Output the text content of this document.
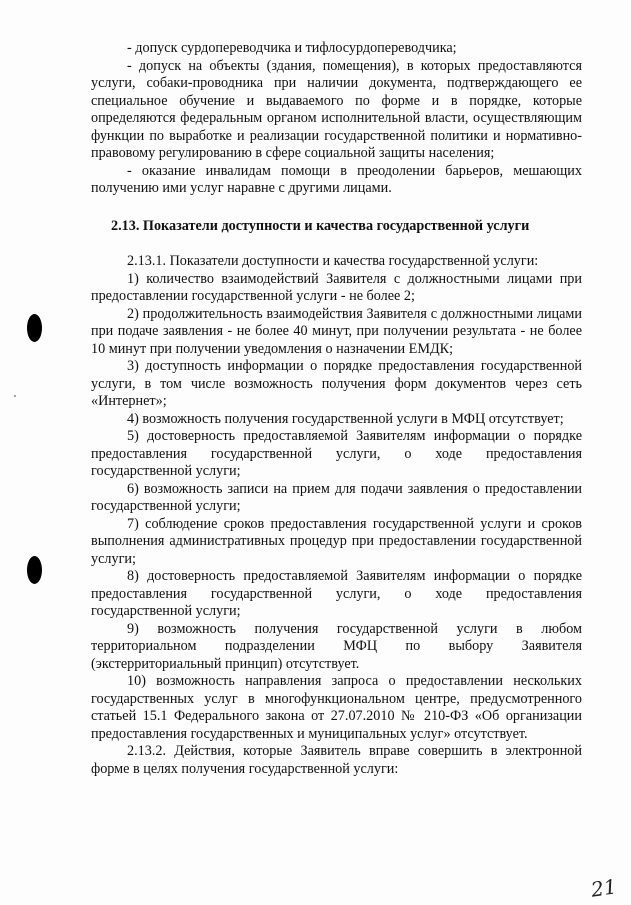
- допуск сурдопереводчика и тифлосурдопереводчика;

- допуск на объекты (здания, помещения), в которых предоставляются услуги, собаки-проводника при наличии документа, подтверждающего ее специальное обучение и выдаваемого по форме и в порядке, которые определяются федеральным органом исполнительной власти, осуществляющим функции по выработке и реализации государственной политики и нормативно-правовому регулированию в сфере социальной защиты населения;

- оказание инвалидам помощи в преодолении барьеров, мешающих получению ими услуг наравне с другими лицами.

2.13. Показатели доступности и качества государственной услуги

2.13.1. Показатели доступности и качества государственной услуги:

1) количество взаимодействий Заявителя с должностными лицами при предоставлении государственной услуги - не более 2;

2) продолжительность взаимодействия Заявителя с должностными лицами при подаче заявления - не более 40 минут, при получении результата - не более 10 минут при получении уведомления о назначении ЕМДК;

3) доступность информации о порядке предоставления государственной услуги, в том числе возможность получения форм документов через сеть «Интернет»;

4) возможность получения государственной услуги в МФЦ отсутствует;

5) достоверность предоставляемой Заявителям информации о порядке предоставления государственной услуги, о ходе предоставления государственной услуги;

6) возможность записи на прием для подачи заявления о предоставлении государственной услуги;

7) соблюдение сроков предоставления государственной услуги и сроков выполнения административных процедур при предоставлении государственной услуги;

8) достоверность предоставляемой Заявителям информации о порядке предоставления государственной услуги, о ходе предоставления государственной услуги;

9) возможность получения государственной услуги в любом территориальном подразделении МФЦ по выбору Заявителя (экстерриториальный принцип) отсутствует.

10) возможность направления запроса о предоставлении нескольких государственных услуг в многофункциональном центре, предусмотренного статьей 15.1 Федерального закона от 27.07.2010 № 210-ФЗ «Об организации предоставления государственных и муниципальных услуг» отсутствует.

2.13.2. Действия, которые Заявитель вправе совершить в электронной форме в целях получения государственной услуги:

21
